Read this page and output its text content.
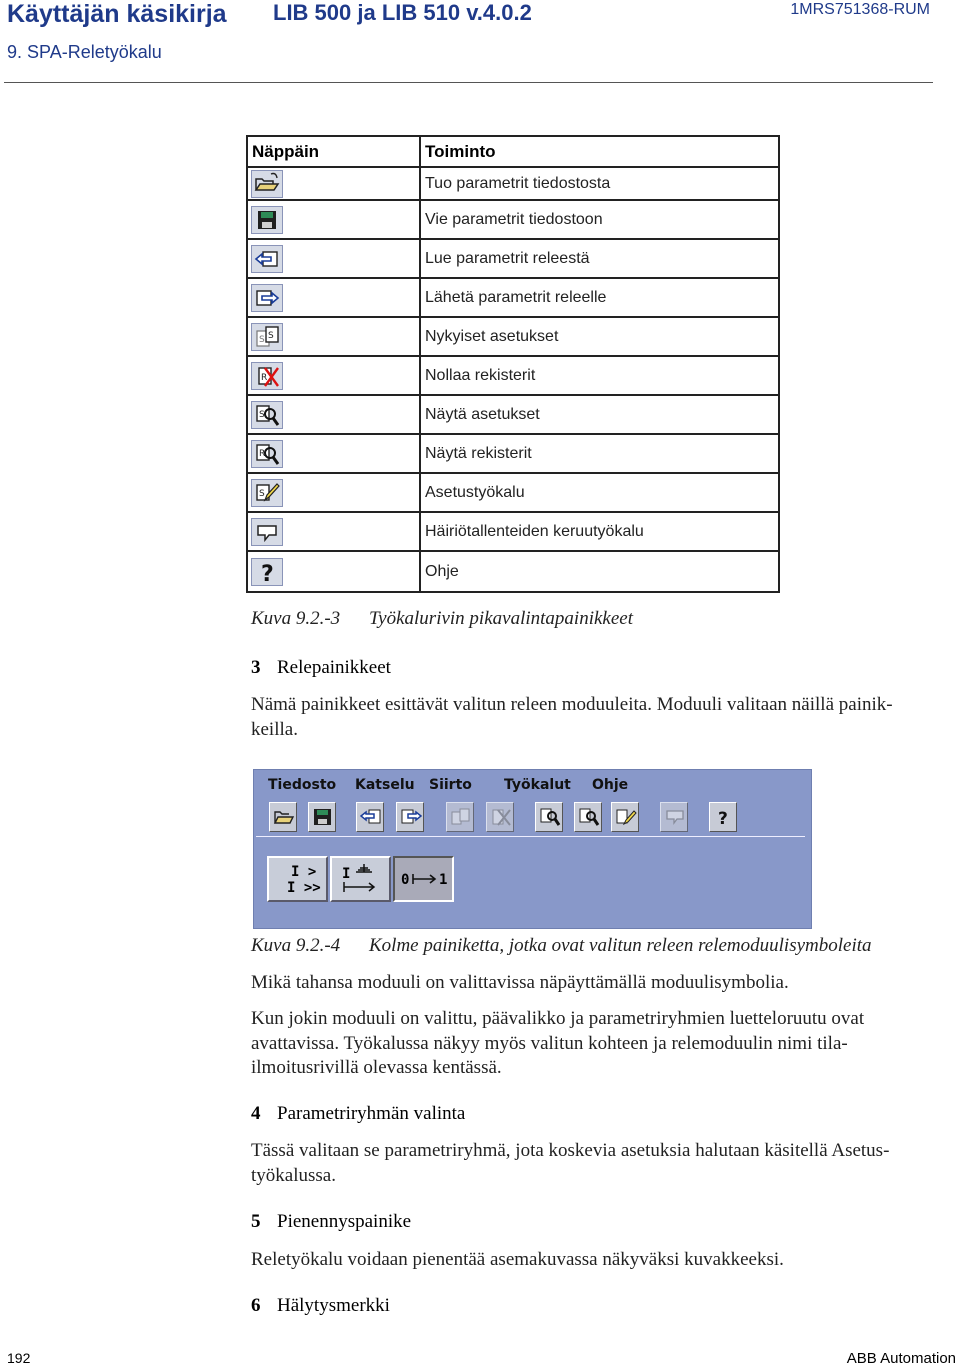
Käyttäjän käsikirja LIB 500 ja LIB 510 v.4.0.2	1MRS751368-RUM
9. SPA-Reletyökalu
Näppäin	Toiminto
	Tuo parametrit tiedostosta
	Vie parametrit tiedostoon
	Lue parametrit releestä
	Lähetä parametrit releelle

S S	Nykyiset asetukset

R	Nollaa rekisterit

S	Näytä asetukset

R	Näytä rekisterit

S	Asetustyökalu
	Häiriötallenteiden keruutyökalu

?	Ohje
Kuva 9.2.-3 Työkalurivin pikavalintapainikkeet
3 Relepainikkeet
Nämä painikkeet esittävät valitun releen moduuleita. Moduuli valitaan näillä painik-keilla.
Tiedosto Katselu Siirto Työkalut Ohje
?
I >
I >>
I	0 1
Kuva 9.2.-4 Kolme painiketta, jotka ovat valitun releen relemoduulisymboleita
Mikä tahansa moduuli on valittavissa näpäyttämällä moduulisymbolia.
Kun jokin moduuli on valittu, päävalikko ja parametriryhmien luetteloruutu ovat avattavissa. Työkalussa näkyy myös valitun kohteen ja relemoduulin nimi tila-ilmoitusrivillä olevassa kentässä.
4 Parametriryhmän valinta
Tässä valitaan se parametriryhmä, jota koskevia asetuksia halutaan käsitellä Asetus-työkalussa.
5 Pienennyspainike
Reletyökalu voidaan pienentää asemakuvassa näkyväksi kuvakkeeksi.
6 Hälytysmerkki
192	ABB Automation
